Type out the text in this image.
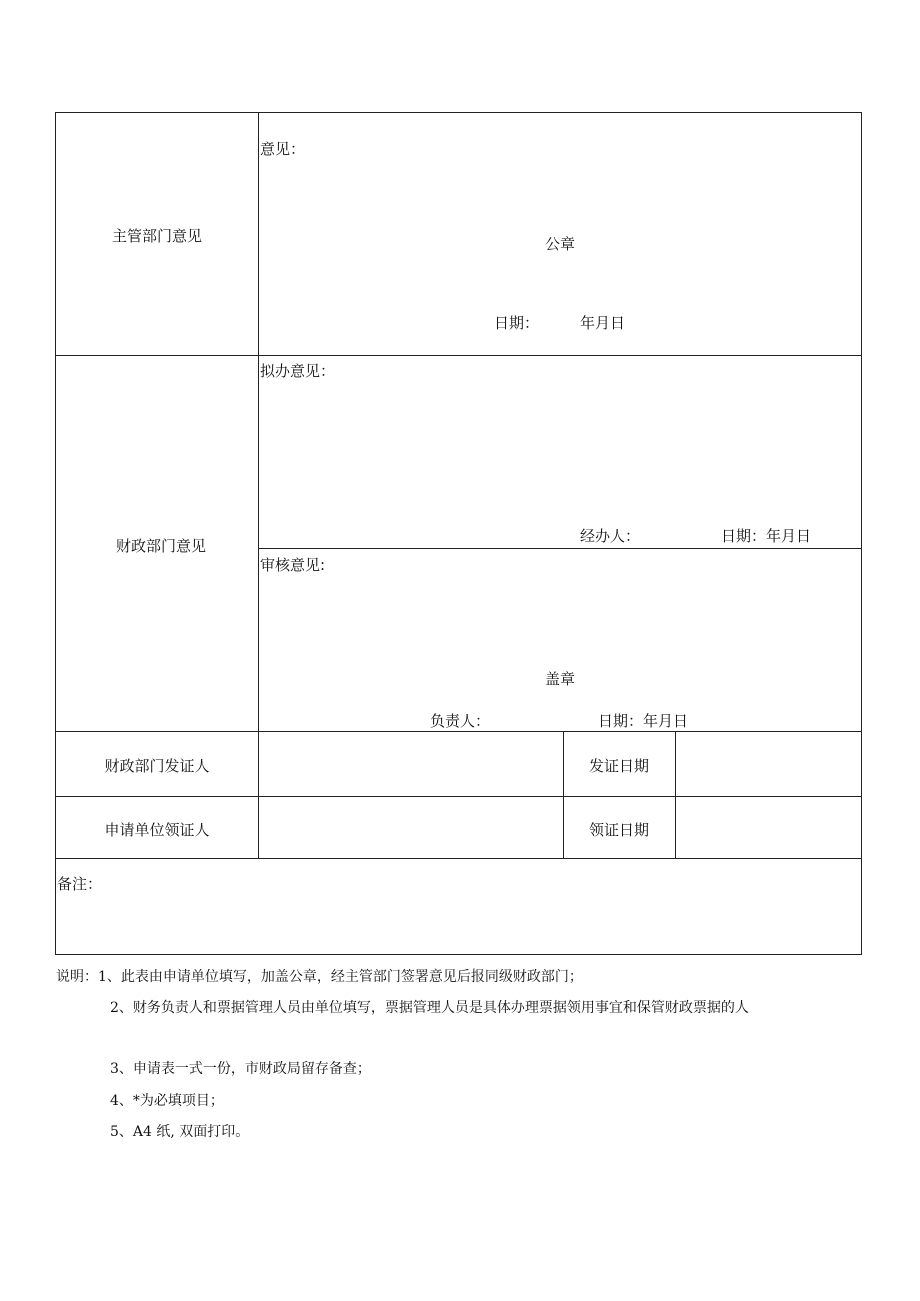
主管部门意见
意见：
公章
日期：	年月日
财政部门意见
拟办意见：
经办人：	日期：年月日
审核意见:
盖章
负责人：	日期：年月日
财政部门发证人	发证日期
申请单位领证人	领证日期
备注：
说明：1、此表由申请单位填写，加盖公章，经主管部门签署意见后报同级财政部门；
2、财务负责人和票据管理人员由单位填写，票据管理人员是具体办理票据领用事宜和保管财政票据的人
3、申请表一式一份，市财政局留存备查；
4、*为必填项目；
5、A4 纸, 双面打印。
